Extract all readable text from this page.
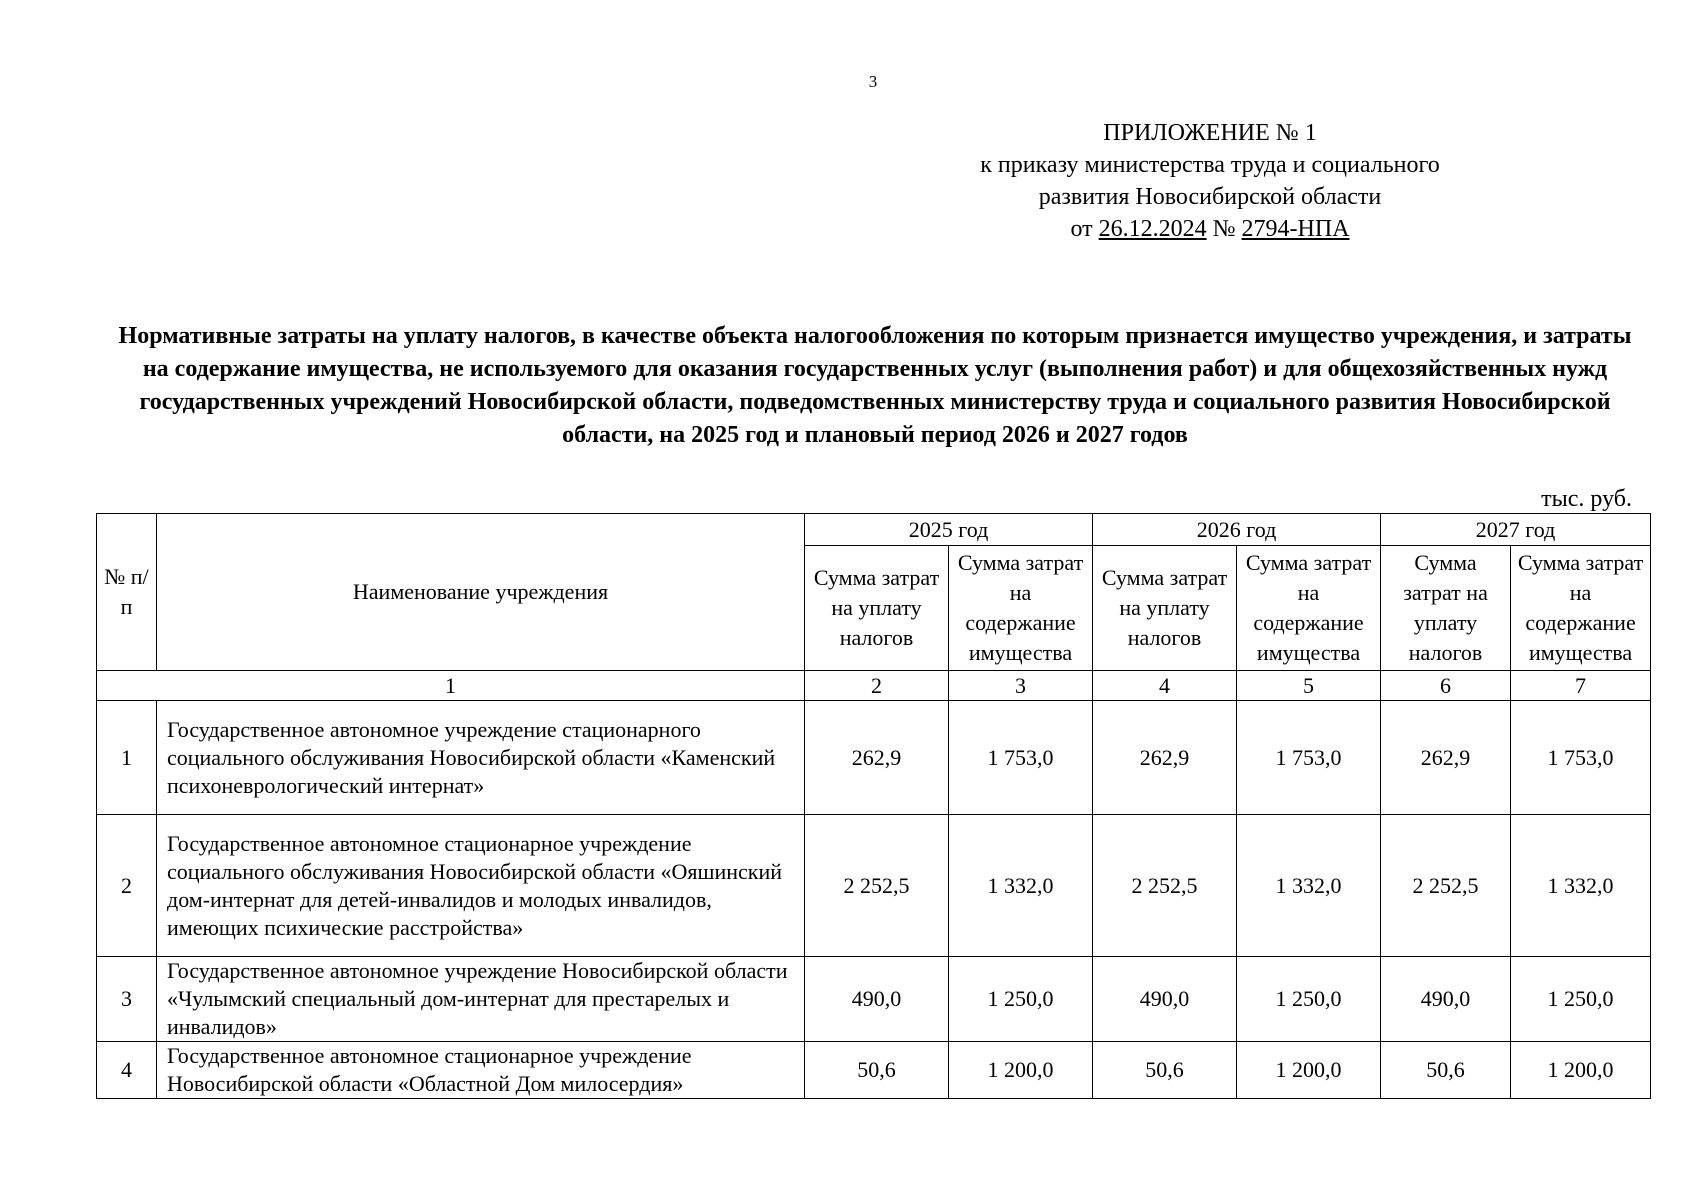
3
ПРИЛОЖЕНИЕ № 1
к приказу министерства труда и социального
развития Новосибирской области
от 26.12.2024 № 2794-НПА
Нормативные затраты на уплату налогов, в качестве объекта налогообложения по которым признается имущество учреждения, и затраты на содержание имущества, не используемого для оказания государственных услуг (выполнения работ) и для общехозяйственных нужд государственных учреждений Новосибирской области, подведомственных министерству труда и социального развития Новосибирской области, на 2025 год и плановый период 2026 и 2027 годов
тыс. руб.
№ п/п	Наименование учреждения	2025 год		2026 год		2027 год	
		Сумма затрат на уплату налогов	Сумма затрат на содержание имущества	Сумма затрат на уплату налогов	Сумма затрат на содержание имущества	Сумма затрат на уплату налогов	Сумма затрат на содержание имущества
1		2	3	4	5	6	7
1	Государственное автономное учреждение стационарного социального обслуживания Новосибирской области «Каменский психоневрологический интернат»	262,9	1 753,0	262,9	1 753,0	262,9	1 753,0
2	Государственное автономное стационарное учреждение социального обслуживания Новосибирской области «Ояшинский дом-интернат для детей-инвалидов и молодых инвалидов, имеющих психические расстройства»	2 252,5	1 332,0	2 252,5	1 332,0	2 252,5	1 332,0
3	Государственное автономное учреждение Новосибирской области «Чулымский специальный дом-интернат для престарелых и инвалидов»	490,0	1 250,0	490,0	1 250,0	490,0	1 250,0
4	Государственное автономное стационарное учреждение Новосибирской области «Областной Дом милосердия»	50,6	1 200,0	50,6	1 200,0	50,6	1 200,0
